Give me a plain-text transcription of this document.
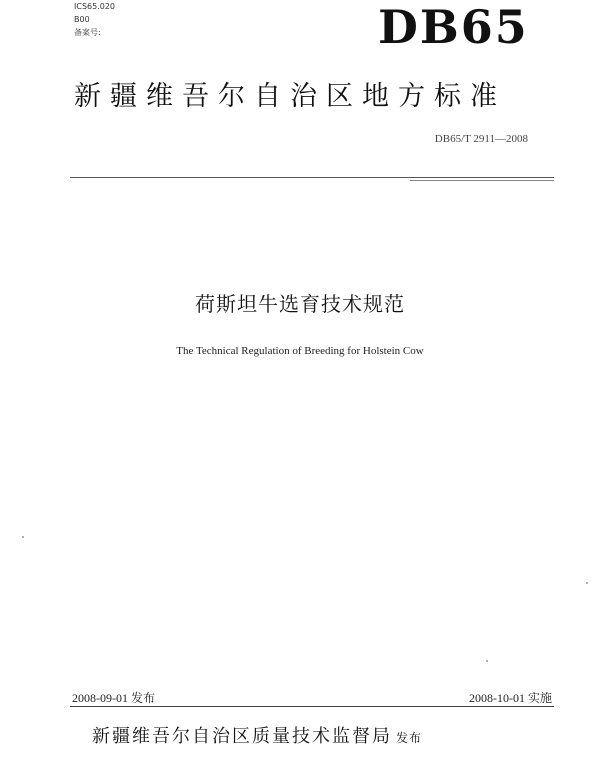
ICS65.020
B00
备案号:	DB65
新疆维吾尔自治区地方标准
DB65/T 2911—2008
荷斯坦牛选育技术规范
The Technical Regulation of Breeding for Holstein Cow
2008-09-01 发布	2008-10-01 实施
新疆维吾尔自治区质量技术监督局 发布
